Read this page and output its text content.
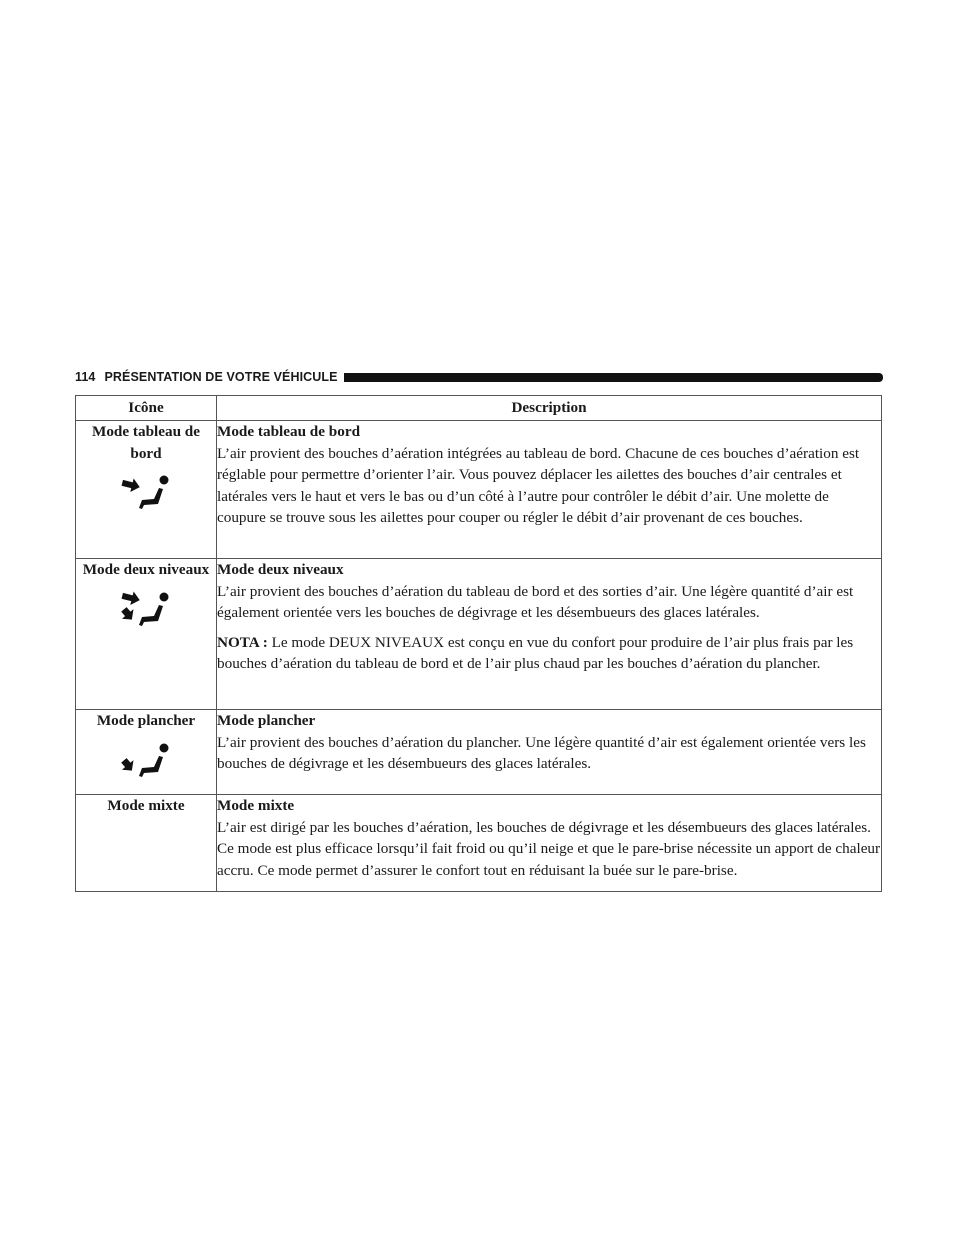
114 PRÉSENTATION DE VOTRE VÉHICULE
Icône	Description

Mode tableau de bord	Mode tableau de bord
L’air provient des bouches d’aération intégrées au tableau de bord. Chacune de ces bouches d’aération est réglable pour permettre d’orienter l’air. Vous pouvez déplacer les ailettes des bouches d’air centrales et latérales vers le haut et vers le bas ou d’un côté à l’autre pour contrôler le débit d’air. Une molette de coupure se trouve sous les ailettes pour couper ou régler le débit d’air provenant de ces bouches.

Mode deux niveaux	Mode deux niveaux
L’air provient des bouches d’aération du tableau de bord et des sorties d’air. Une légère quantité d’air est également orientée vers les bouches de dégivrage et les désembueurs des glaces latérales.
NOTA : Le mode DEUX NIVEAUX est conçu en vue du confort pour produire de l’air plus frais par les bouches d’aération du tableau de bord et de l’air plus chaud par les bouches d’aération du plancher.

Mode plancher	Mode plancher
L’air provient des bouches d’aération du plancher. Une légère quantité d’air est également orientée vers les bouches de dégivrage et les désembueurs des glaces latérales.

Mode mixte	Mode mixte
L’air est dirigé par les bouches d’aération, les bouches de dégivrage et les désembueurs des glaces latérales. Ce mode est plus efficace lorsqu’il fait froid ou qu’il neige et que le pare-brise nécessite un apport de chaleur accru. Ce mode permet d’assurer le confort tout en réduisant la buée sur le pare-brise.
